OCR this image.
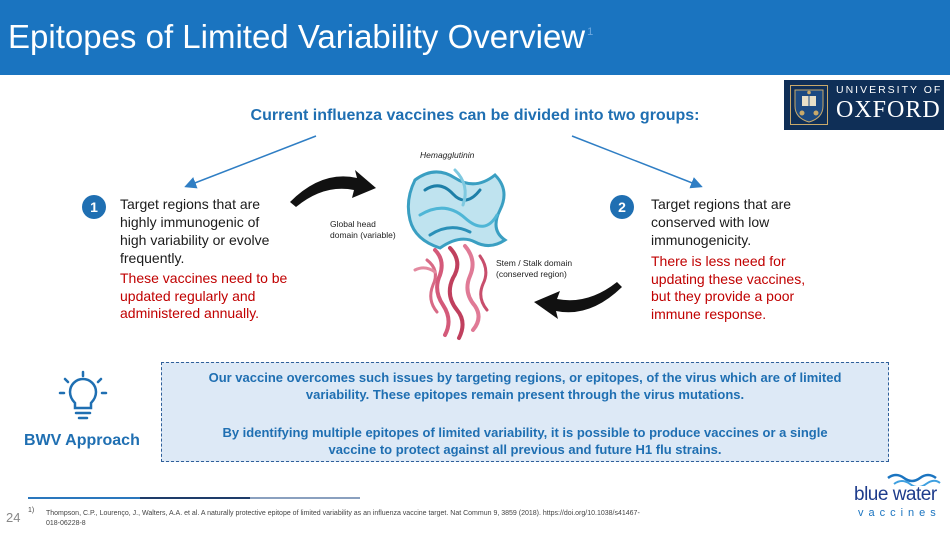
Epitopes of Limited Variability Overview $^1$
UNIVERSITY OF
OXFORD
Current influenza vaccines can be divided into two groups:
1	Target regions that are
highly immunogenic of
high variability or evolve
frequently.
These vaccines need to be
updated regularly and
administered annually.
2	Target regions that are
conserved with low
immunogenicity.
There is less need for
updating these vaccines,
but they provide a poor
immune response.
Hemagglutinin
Global head
domain (variable)
Stem / Stalk domain
(conserved region)
BWV Approach
Our vaccine overcomes such issues by targeting regions, or epitopes, of the virus which are of limited
variability. These epitopes remain present through the virus mutations.
By identifying multiple epitopes of limited variability, it is possible to produce vaccines or a single
vaccine to protect against all previous and future H1 flu strains.
24 1) Thompson, C.P., Lourenço, J., Walters, A.A. et al. A naturally protective epitope of limited variability as an influenza vaccine target. Nat Commun 9, 3859 (2018). https://doi.org/10.1038/s41467-
018-06228-8
blue water
vaccines
